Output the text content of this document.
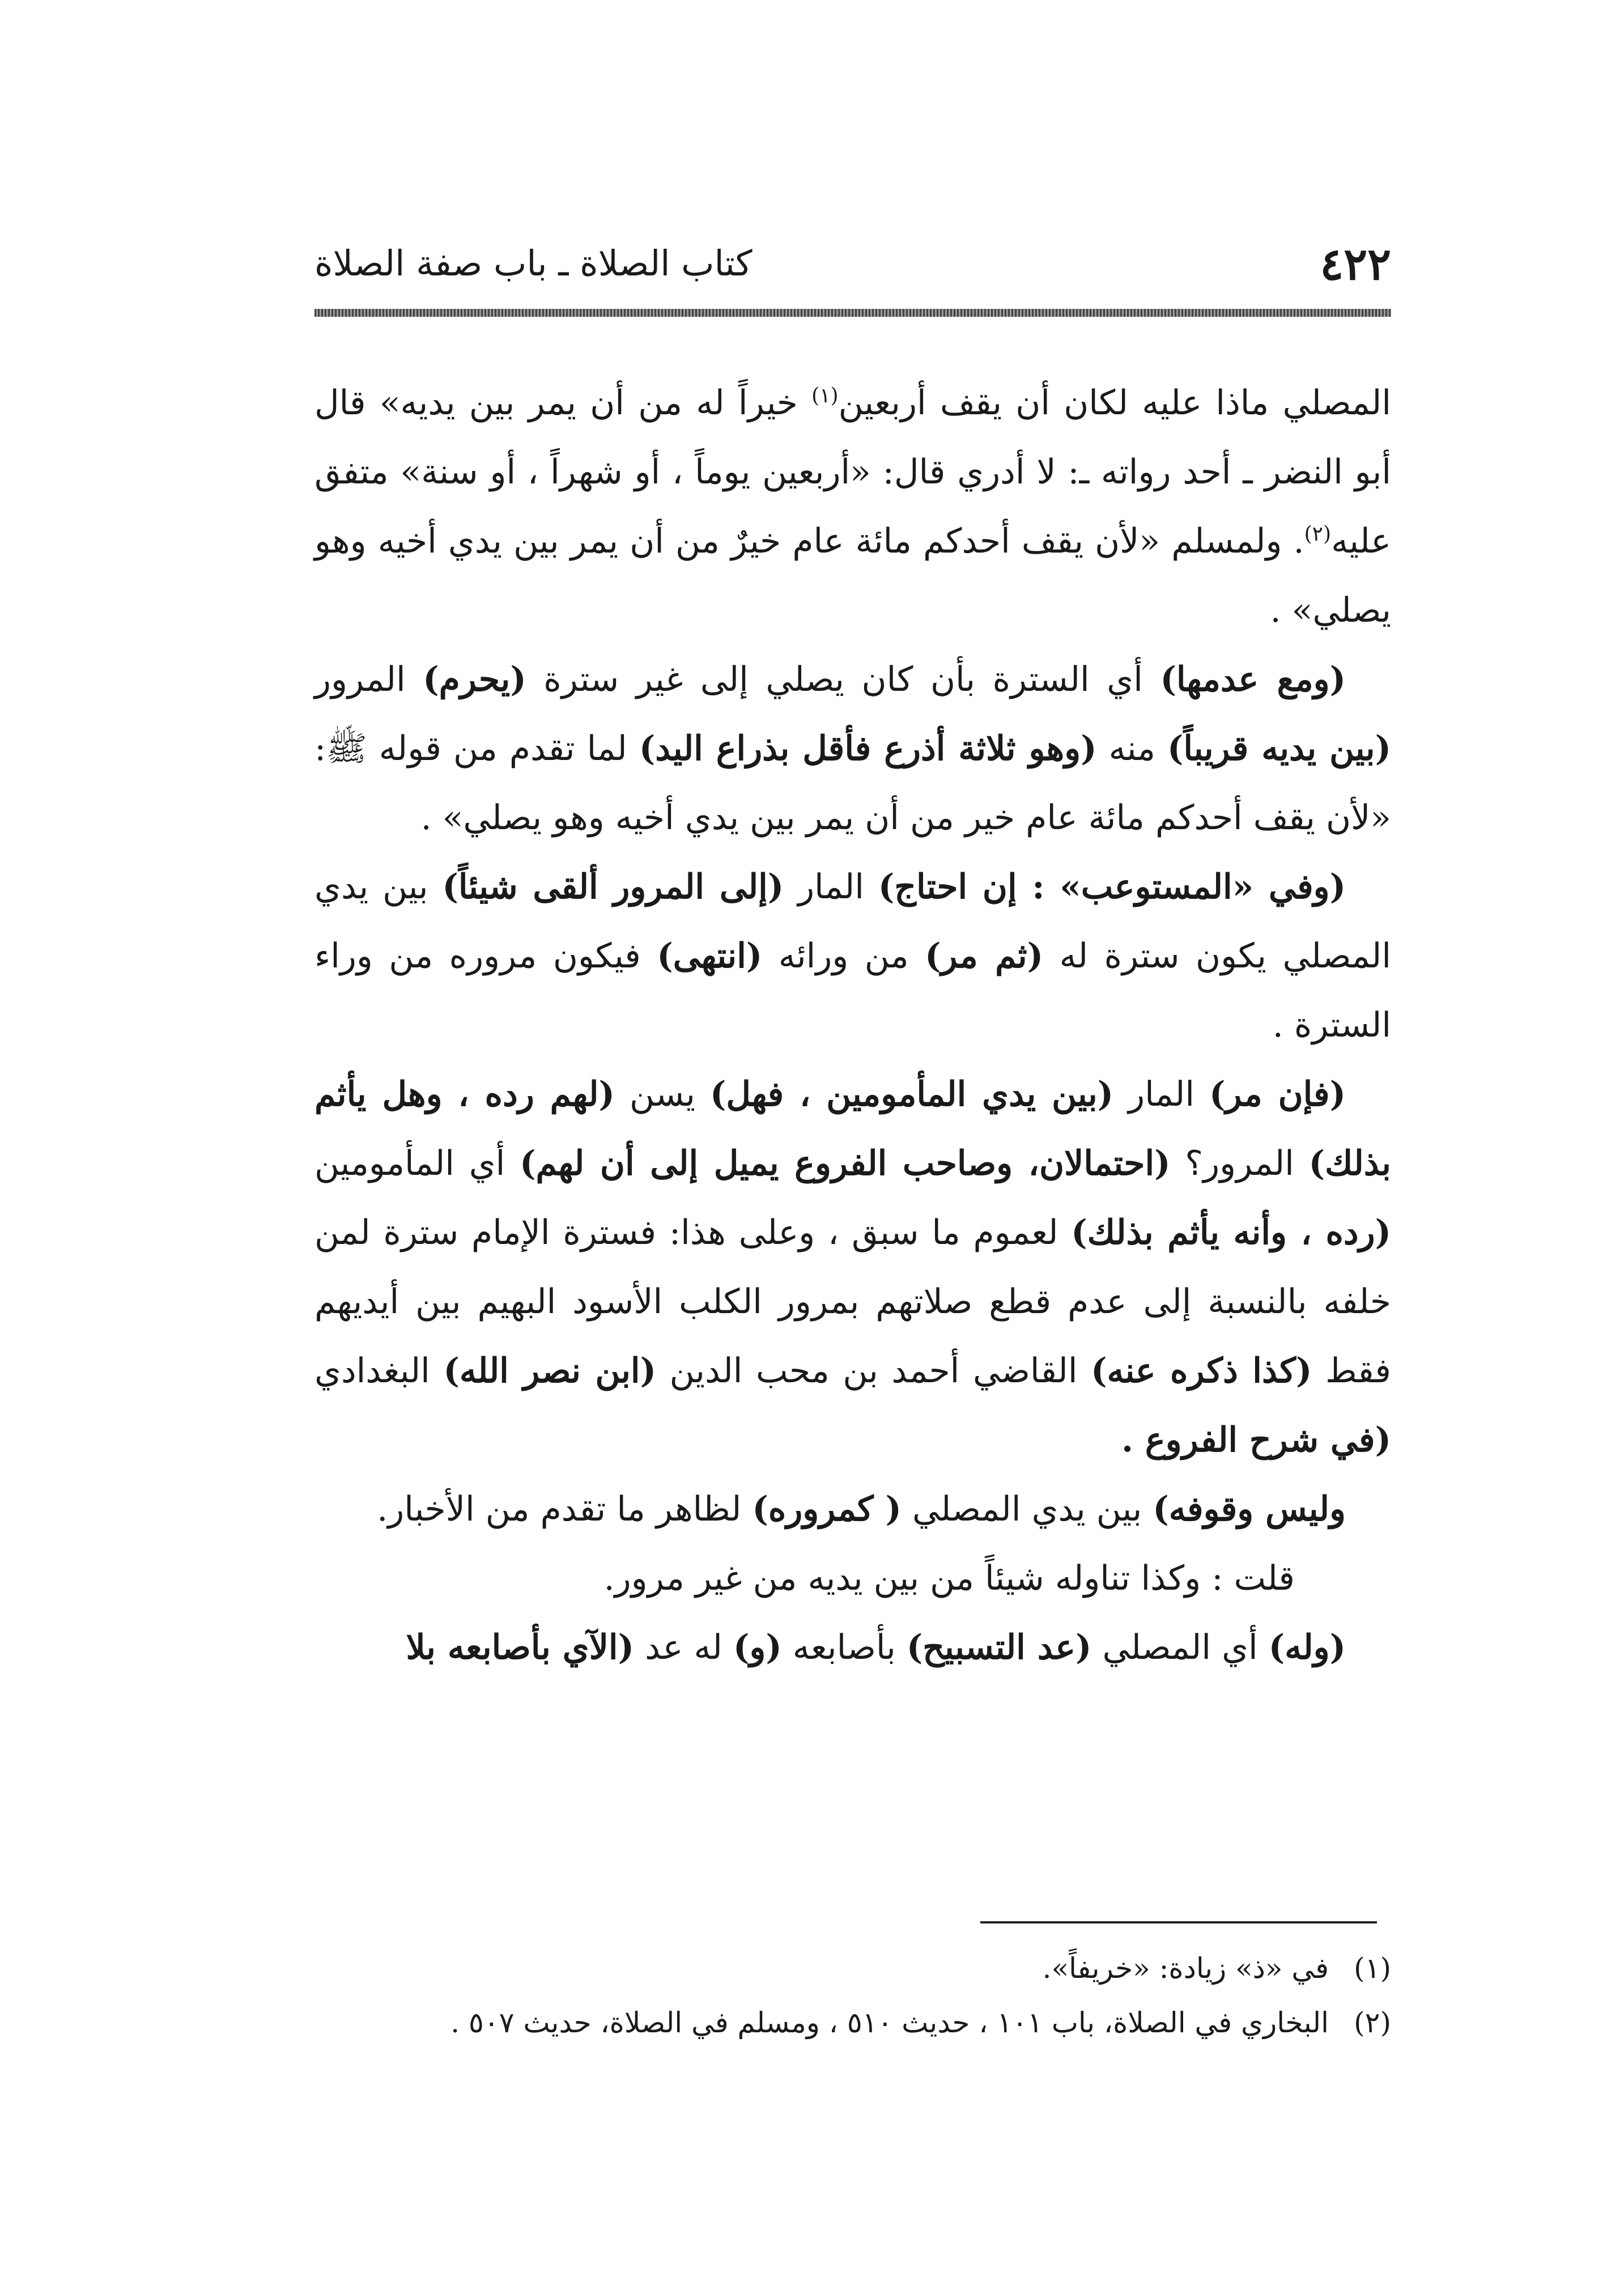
٤٢٢
كتاب الصلاة ـ باب صفة الصلاة

المصلي ماذا عليه لكان أن يقف أربعين$^{(١)}$ خيراً له من أن يمر بين يديه» قال أبو النضر ـ أحد رواته ـ: لا أدري قال: «أربعين يوماً ، أو شهراً ، أو سنة» متفق عليه$^{(٢)}$. ولمسلم «لأن يقف أحدكم مائة عام خيرٌ من أن يمر بين يدي أخيه وهو يصلي» .

(ومع عدمها) أي السترة بأن كان يصلي إلى غير سترة (يحرم) المرور (بين يديه قريباً) منه (وهو ثلاثة أذرع فأقل بذراع اليد) لما تقدم من قوله ﷺ: «لأن يقف أحدكم مائة عام خير من أن يمر بين يدي أخيه وهو يصلي» .

(وفي «المستوعب» : إن احتاج) المار (إلى المرور ألقى شيئاً) بين يدي المصلي يكون سترة له (ثم مر) من ورائه (انتهى) فيكون مروره من وراء السترة .

(فإن مر) المار (بين يدي المأمومين ، فهل) يسن (لهم رده ، وهل يأثم بذلك) المرور؟ (احتمالان، وصاحب الفروع يميل إلى أن لهم) أي المأمومين (رده ، وأنه يأثم بذلك) لعموم ما سبق ، وعلى هذا: فسترة الإمام سترة لمن خلفه بالنسبة إلى عدم قطع صلاتهم بمرور الكلب الأسود البهيم بين أيديهم فقط (كذا ذكره عنه) القاضي أحمد بن محب الدين (ابن نصر الله) البغدادي (في شرح الفروع .

وليس وقوفه) بين يدي المصلي ( كمروره) لظاهر ما تقدم من الأخبار.

قلت : وكذا تناوله شيئاً من بين يديه من غير مرور.

(وله) أي المصلي (عد التسبيح) بأصابعه (و) له عد (الآي بأصابعه بلا

(١)
في «ذ» زيادة: «خريفاً».
(٢)
البخاري في الصلاة، باب ١٠١ ، حديث ٥١٠ ، ومسلم في الصلاة، حديث ٥٠٧ .
